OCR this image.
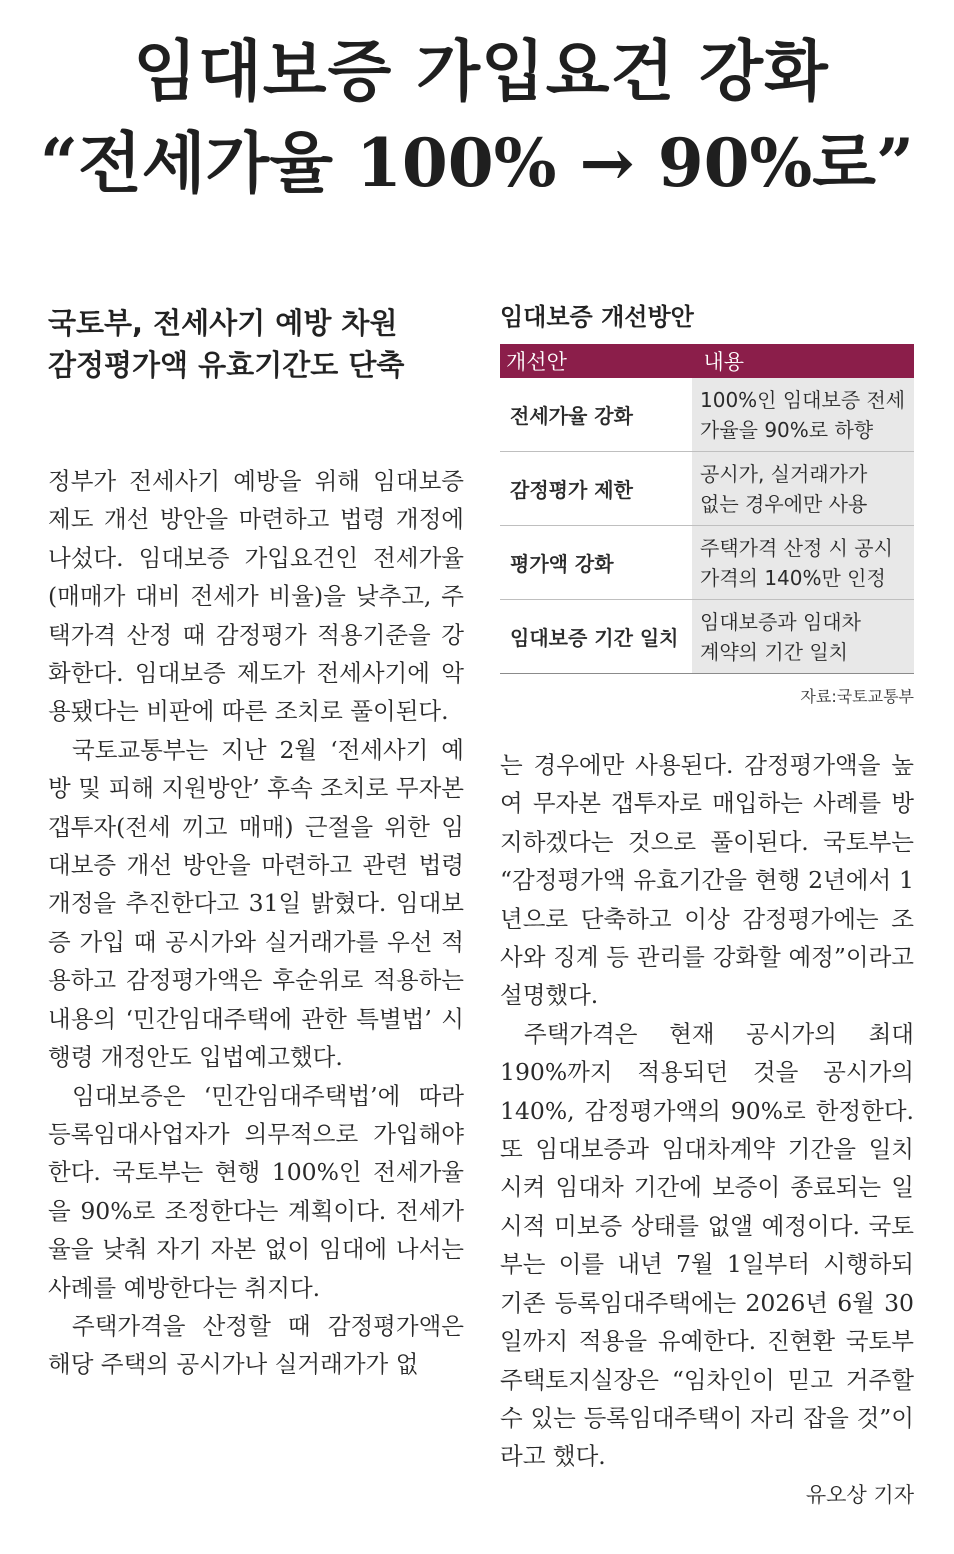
임대보증 가입요건 강화
“전세가율 100% → 90%로”
국토부, 전세사기 예방 차원
감정평가액 유효기간도 단축
임대보증 개선방안
개선안	내용
전세가율 강화	100%인 임대보증 전세
가율을 90%로 하향

감정평가 제한	공시가, 실거래가가
없는 경우에만 사용

평가액 강화	주택가격 산정 시 공시
가격의 140%만 인정

임대보증 기간 일치	임대보증과 임대차
계약의 기간 일치
자료:국토교통부

정부가 전세사기 예방을 위해 임대보증 제도 개선 방안을 마련하고 법령 개정에 나섰다. 임대보증 가입요건인 전세가율(매매가 대비 전세가 비율)을 낮추고, 주택가격 산정 때 감정평가 적용기준을 강화한다. 임대보증 제도가 전세사기에 악용됐다는 비판에 따른 조치로 풀이된다.

국토교통부는 지난 2월 ‘전세사기 예방 및 피해 지원방안’ 후속 조치로 무자본 갭투자(전세 끼고 매매) 근절을 위한 임대보증 개선 방안을 마련하고 관련 법령 개정을 추진한다고 31일 밝혔다. 임대보증 가입 때 공시가와 실거래가를 우선 적용하고 감정평가액은 후순위로 적용하는 내용의 ‘민간임대주택에 관한 특별법’ 시행령 개정안도 입법예고했다.

임대보증은 ‘민간임대주택법’에 따라 등록임대사업자가 의무적으로 가입해야 한다. 국토부는 현행 100%인 전세가율을 90%로 조정한다는 계획이다. 전세가율을 낮춰 자기 자본 없이 임대에 나서는 사례를 예방한다는 취지다.

주택가격을 산정할 때 감정평가액은 해당 주택의 공시가나 실거래가가 없

는 경우에만 사용된다. 감정평가액을 높여 무자본 갭투자로 매입하는 사례를 방지하겠다는 것으로 풀이된다. 국토부는 “감정평가액 유효기간을 현행 2년에서 1년으로 단축하고 이상 감정평가에는 조사와 징계 등 관리를 강화할 예정”이라고 설명했다.

주택가격은 현재 공시가의 최대 190%까지 적용되던 것을 공시가의 140%, 감정평가액의 90%로 한정한다. 또 임대보증과 임대차계약 기간을 일치시켜 임대차 기간에 보증이 종료되는 일시적 미보증 상태를 없앨 예정이다. 국토부는 이를 내년 7월 1일부터 시행하되 기존 등록임대주택에는 2026년 6월 30일까지 적용을 유예한다. 진현환 국토부 주택토지실장은 “임차인이 믿고 거주할 수 있는 등록임대주택이 자리 잡을 것”이라고 했다.

유오상 기자
